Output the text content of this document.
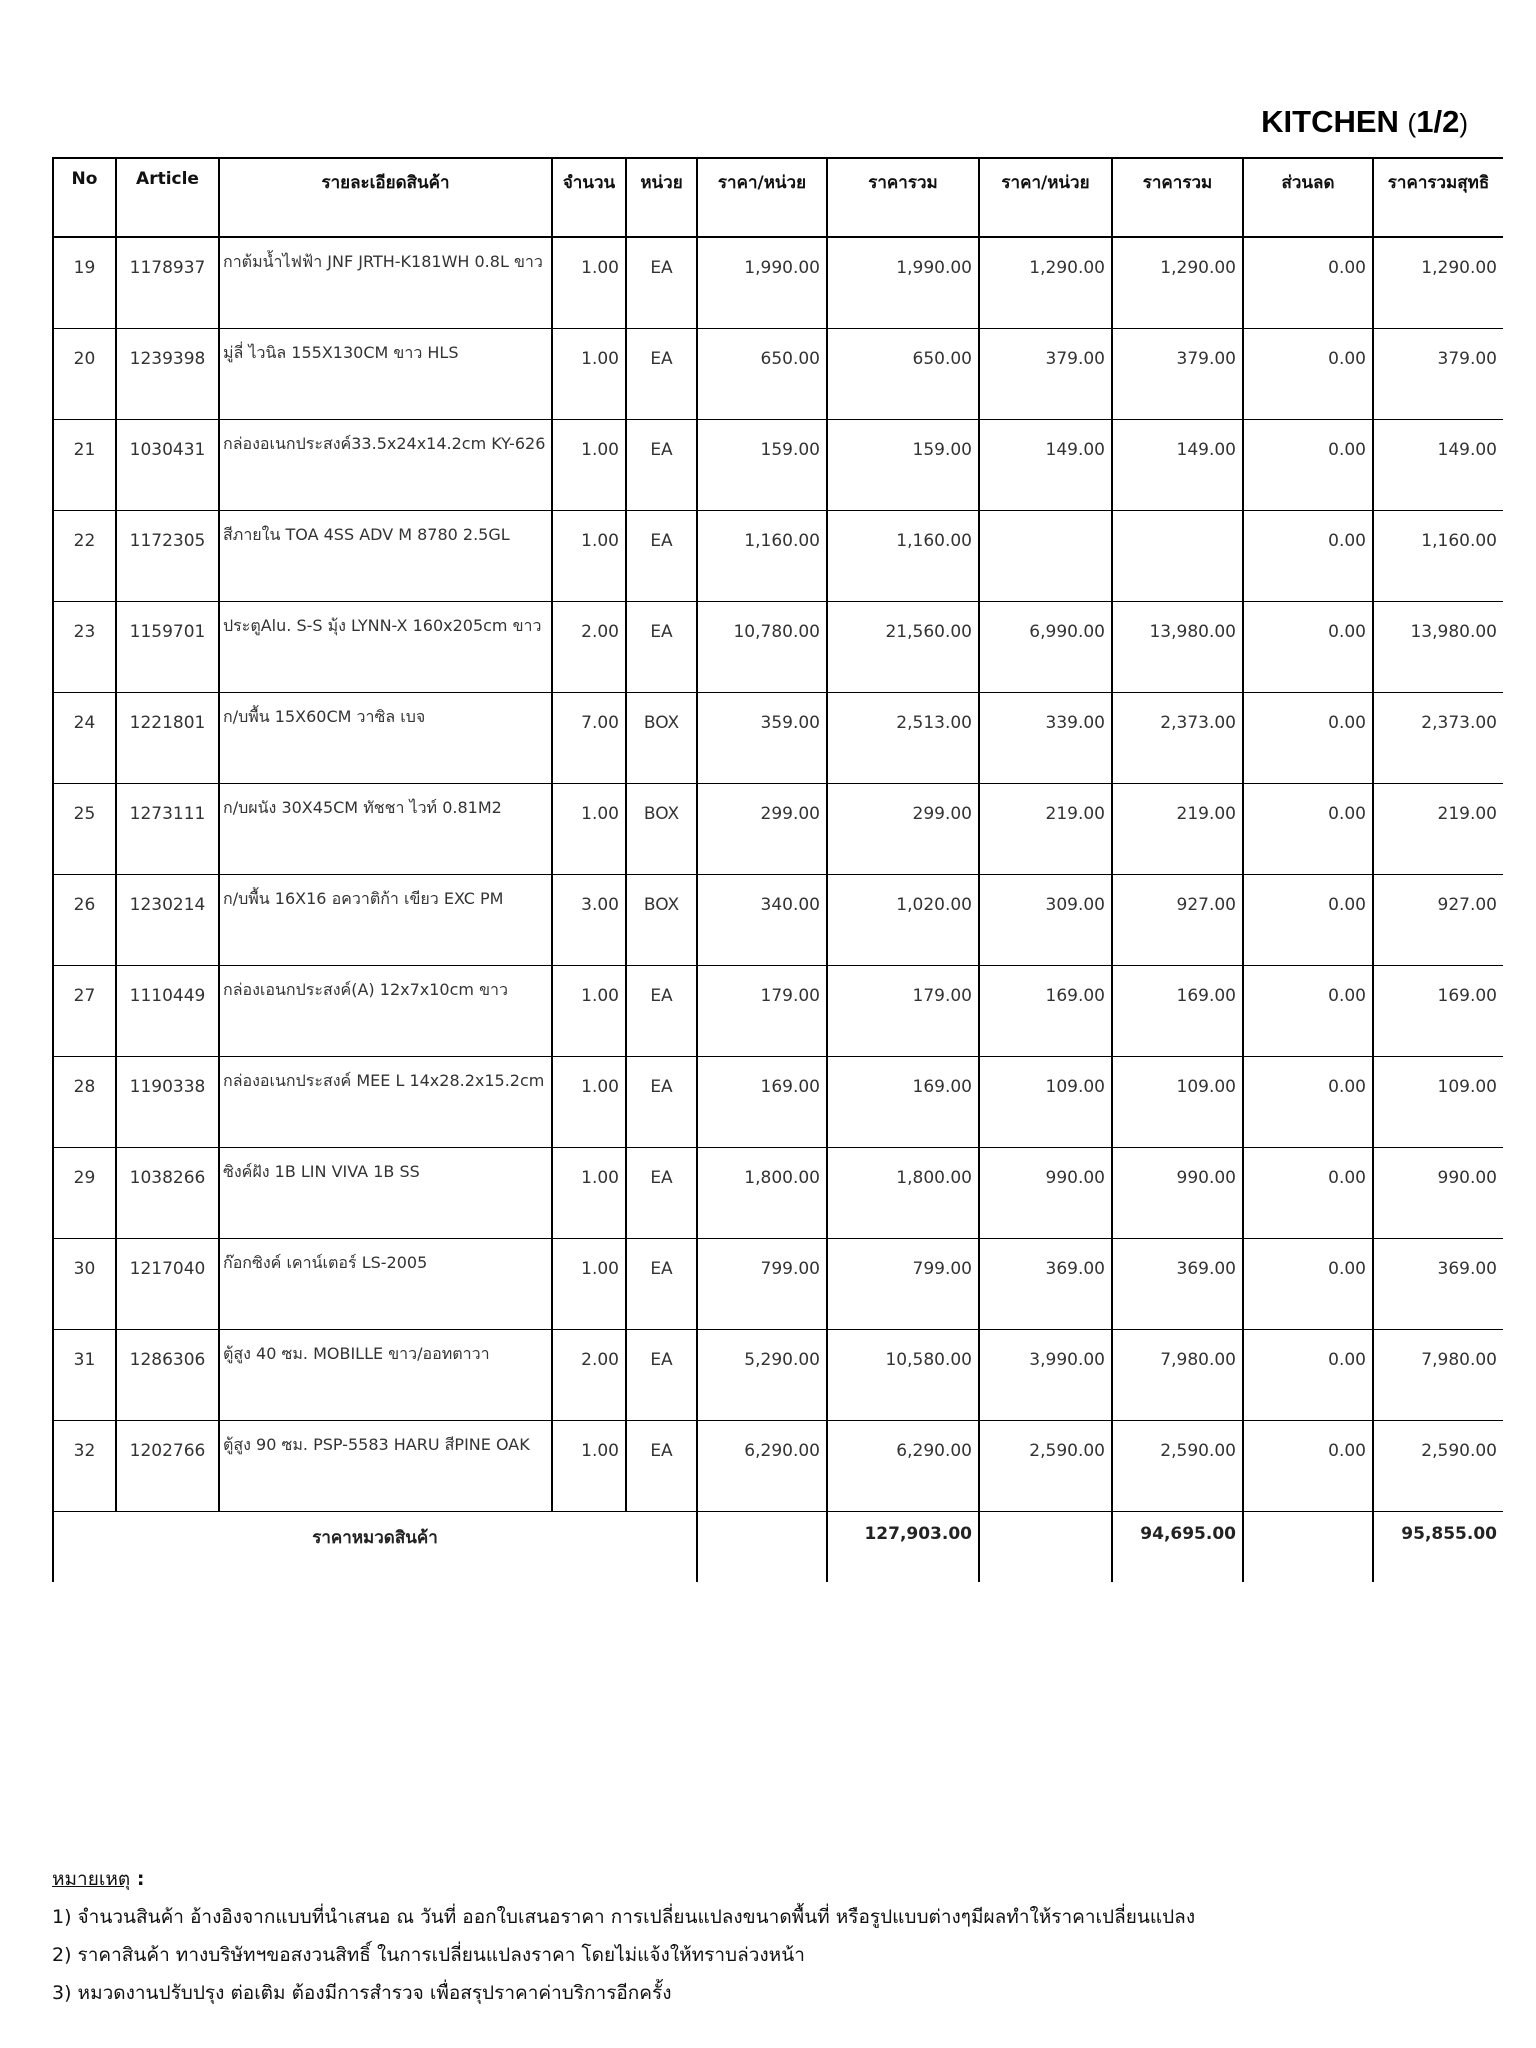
KITCHEN (1/2)
No	Article	รายละเอียดสินค้า	จำนวน	หน่วย	ราคา/หน่วย	ราคารวม	ราคา/หน่วย	ราคารวม	ส่วนลด	ราคารวมสุทธิ
19	1178937	กาต้มน้ำไฟฟ้า JNF JRTH-K181WH 0.8L ขาว	1.00	EA	1,990.00	1,990.00	1,290.00	1,290.00	0.00	1,290.00
20	1239398	มู่ลี่ ไวนิล 155X130CM ขาว HLS	1.00	EA	650.00	650.00	379.00	379.00	0.00	379.00
21	1030431	กล่องอเนกประสงค์33.5x24x14.2cm KY-626	1.00	EA	159.00	159.00	149.00	149.00	0.00	149.00
22	1172305	สีภายใน TOA 4SS ADV M 8780 2.5GL	1.00	EA	1,160.00	1,160.00			0.00	1,160.00
23	1159701	ประตูAlu. S-S มุ้ง LYNN-X 160x205cm ขาว	2.00	EA	10,780.00	21,560.00	6,990.00	13,980.00	0.00	13,980.00
24	1221801	ก/บพื้น 15X60CM วาซิล เบจ	7.00	BOX	359.00	2,513.00	339.00	2,373.00	0.00	2,373.00
25	1273111	ก/บผนัง 30X45CM ทัชชา ไวท์ 0.81M2	1.00	BOX	299.00	299.00	219.00	219.00	0.00	219.00
26	1230214	ก/บพื้น 16X16 อควาติก้า เขียว EXC PM	3.00	BOX	340.00	1,020.00	309.00	927.00	0.00	927.00
27	1110449	กล่องเอนกประสงค์(A) 12x7x10cm ขาว	1.00	EA	179.00	179.00	169.00	169.00	0.00	169.00
28	1190338	กล่องอเนกประสงค์ MEE L 14x28.2x15.2cm	1.00	EA	169.00	169.00	109.00	109.00	0.00	109.00
29	1038266	ซิงค์ฝัง 1B LIN VIVA 1B SS	1.00	EA	1,800.00	1,800.00	990.00	990.00	0.00	990.00
30	1217040	ก๊อกซิงค์ เคาน์เตอร์ LS-2005	1.00	EA	799.00	799.00	369.00	369.00	0.00	369.00
31	1286306	ตู้สูง 40 ซม. MOBILLE ขาว/ออทตาวา	2.00	EA	5,290.00	10,580.00	3,990.00	7,980.00	0.00	7,980.00
32	1202766	ตู้สูง 90 ซม. PSP-5583 HARU สีPINE OAK	1.00	EA	6,290.00	6,290.00	2,590.00	2,590.00	0.00	2,590.00
ราคาหมวดสินค้า						127,903.00		94,695.00		95,855.00
หมายเหตุ :
1) จำนวนสินค้า อ้างอิงจากแบบที่นำเสนอ ณ วันที่ ออกใบเสนอราคา การเปลี่ยนแปลงขนาดพื้นที่ หรือรูปแบบต่างๆมีผลทำให้ราคาเปลี่ยนแปลง
2) ราคาสินค้า ทางบริษัทฯขอสงวนสิทธิ์ ในการเปลี่ยนแปลงราคา โดยไม่แจ้งให้ทราบล่วงหน้า
3) หมวดงานปรับปรุง ต่อเติม ต้องมีการสำรวจ เพื่อสรุปราคาค่าบริการอีกครั้ง
